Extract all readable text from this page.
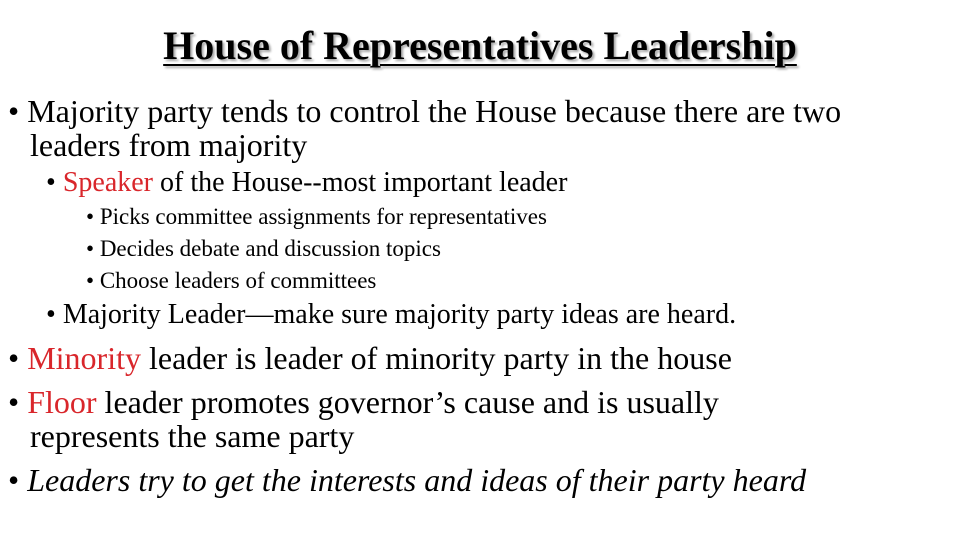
House of Representatives Leadership
• Majority party tends to control the House because there are two
leaders from majority
• Speaker of the House--most important leader
• Picks committee assignments for representatives
• Decides debate and discussion topics
• Choose leaders of committees
• Majority Leader—make sure majority party ideas are heard.
• Minority leader is leader of minority party in the house
• Floor leader promotes governor’s cause and is usually
represents the same party
• Leaders try to get the interests and ideas of their party heard
